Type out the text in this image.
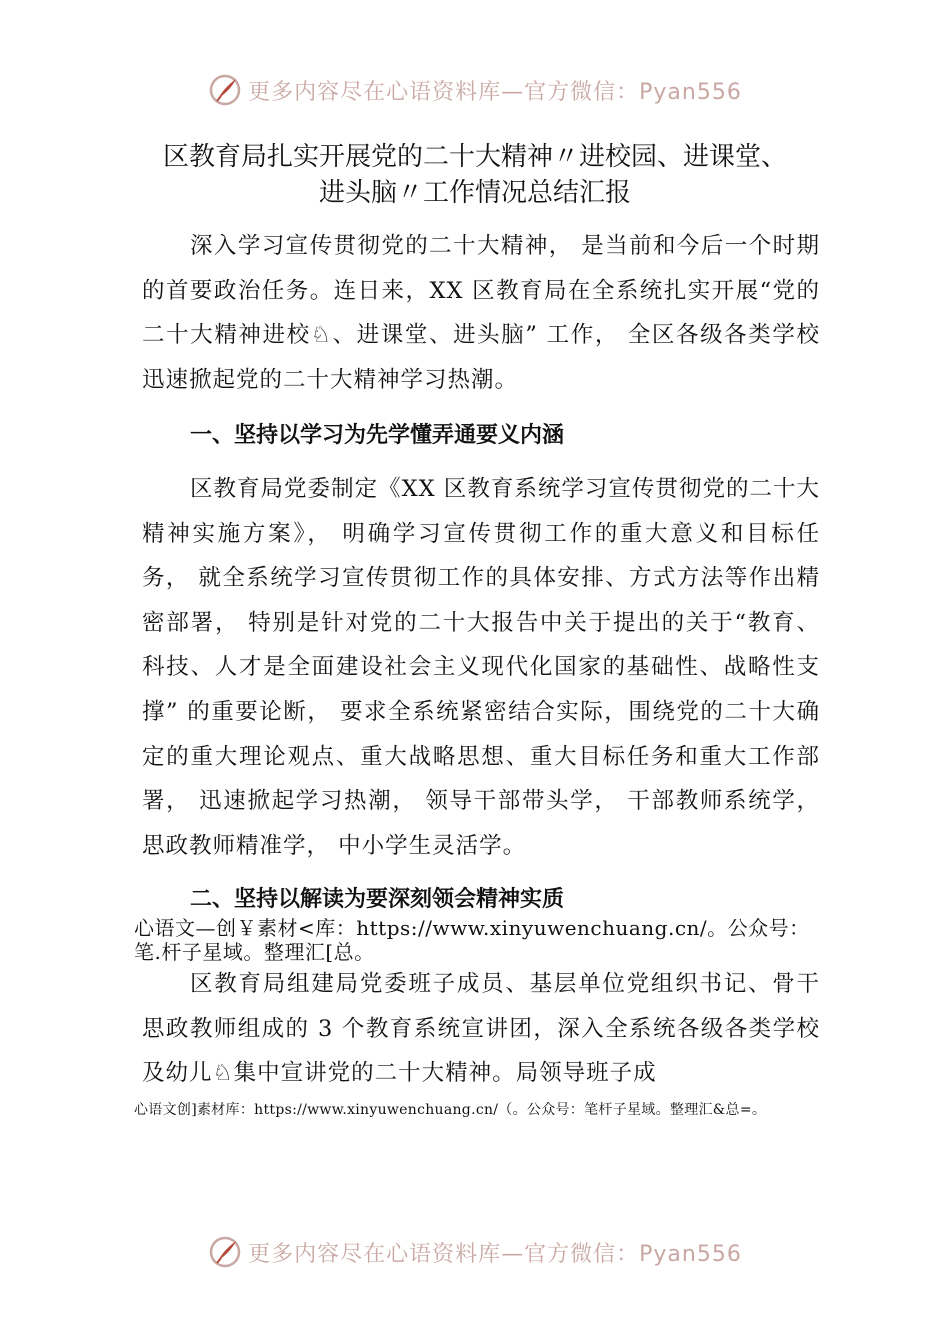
更多内容尽在心语资料库—官方微信：Pyan556
区教育局扎实开展党的二十大精神〃进校园、进课堂、
进头脑〃工作情况总结汇报

深入学习宣传贯彻党的二十大精神， 是当前和今后一个时期的首要政治任务。连日来，XX 区教育局在全系统扎实开展“党的二十大精神进校♘、进课堂、进头脑” 工作， 全区各级各类学校迅速掀起党的二十大精神学习热潮。

一、坚持以学习为先学懂弄通要义内涵

区教育局党委制定《XX 区教育系统学习宣传贯彻党的二十大精神实施方案》， 明确学习宣传贯彻工作的重大意义和目标任务， 就全系统学习宣传贯彻工作的具体安排、方式方法等作出精密部署， 特别是针对党的二十大报告中关于提出的关于“教育、科技、人才是全面建设社会主义现代化国家的基础性、战略性支撑” 的重要论断， 要求全系统紧密结合实际，围绕党的二十大确定的重大理论观点、重大战略思想、重大目标任务和重大工作部署， 迅速掀起学习热潮， 领导干部带头学， 干部教师系统学， 思政教师精准学， 中小学生灵活学。

二、坚持以解读为要深刻领会精神实质

心语文—创￥素材<库：https://www.xinyuwenchuang.cn/。公众号：笔.杆子星域。整理汇[总。

区教育局组建局党委班子成员、基层单位党组织书记、骨干思政教师组成的 3 个教育系统宣讲团，深入全系统各级各类学校及幼儿♘集中宣讲党的二十大精神。局领导班子成

心语文创]素材库：https://www.xinyuwenchuang.cn/（。公众号：笔杆子星域。整理汇&总=。

更多内容尽在心语资料库—官方微信：Pyan556
